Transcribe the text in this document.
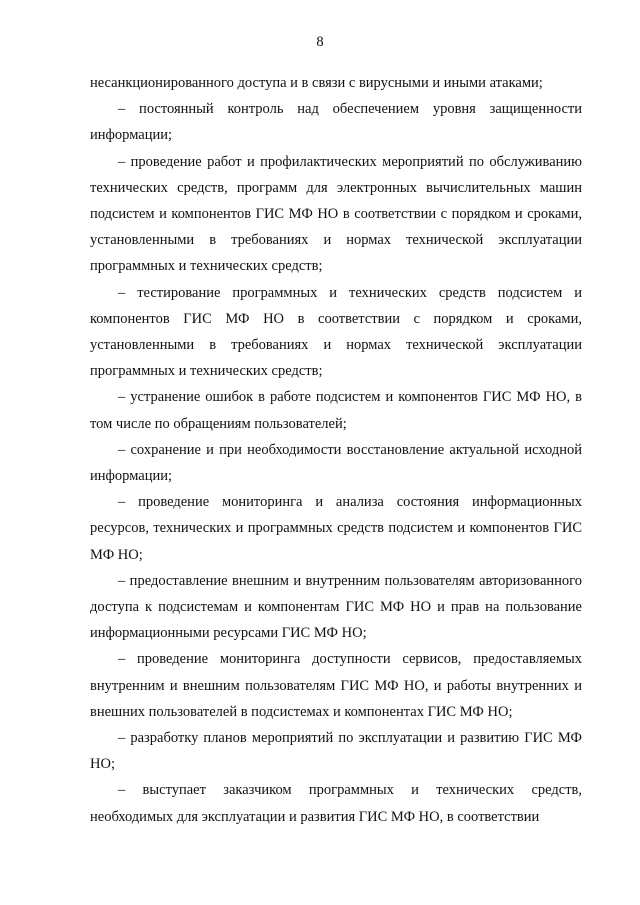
8

несанкционированного доступа и в связи с вирусными и иными атаками;

– постоянный контроль над обеспечением уровня защищенности информации;

– проведение работ и профилактических мероприятий по обслуживанию технических средств, программ для электронных вычислительных машин подсистем и компонентов ГИС МФ НО в соответствии с порядком и сроками, установленными в требованиях и нормах технической эксплуатации программных и технических средств;

– тестирование программных и технических средств подсистем и компонентов ГИС МФ НО в соответствии с порядком и сроками, установленными в требованиях и нормах технической эксплуатации программных и технических средств;

– устранение ошибок в работе подсистем и компонентов ГИС МФ НО, в том числе по обращениям пользователей;

– сохранение и при необходимости восстановление актуальной исходной информации;

– проведение мониторинга и анализа состояния информационных ресурсов, технических и программных средств подсистем и компонентов ГИС МФ НО;

– предоставление внешним и внутренним пользователям авторизованного доступа к подсистемам и компонентам ГИС МФ НО и прав на пользование информационными ресурсами ГИС МФ НО;

– проведение мониторинга доступности сервисов, предоставляемых внутренним и внешним пользователям ГИС МФ НО, и работы внутренних и внешних пользователей в подсистемах и компонентах ГИС МФ НО;

– разработку планов мероприятий по эксплуатации и развитию ГИС МФ НО;

– выступает заказчиком программных и технических средств, необходимых для эксплуатации и развития ГИС МФ НО, в соответствии
